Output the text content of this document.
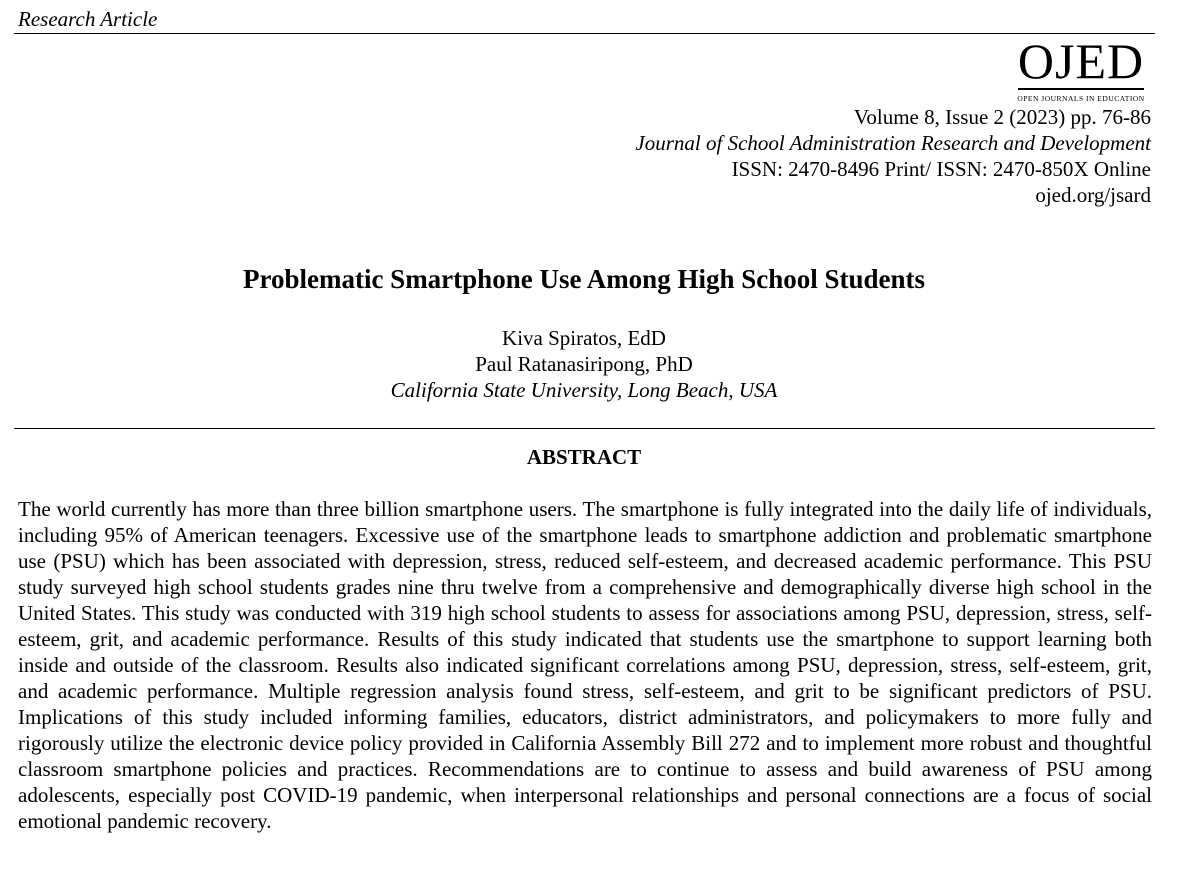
Research Article
OJED
OPEN JOURNALS IN EDUCATION
Volume 8, Issue 2 (2023) pp. 76-86
Journal of School Administration Research and Development
ISSN: 2470-8496 Print/ ISSN: 2470-850X Online
ojed.org/jsard
Problematic Smartphone Use Among High School Students
Kiva Spiratos, EdD
Paul Ratanasiripong, PhD
California State University, Long Beach, USA
ABSTRACT
The world currently has more than three billion smartphone users. The smartphone is fully integrated into the daily life of individuals, including 95% of American teenagers. Excessive use of the smartphone leads to smartphone addiction and problematic smartphone use (PSU) which has been associated with depression, stress, reduced self-esteem, and decreased academic performance. This PSU study surveyed high school students grades nine thru twelve from a comprehensive and demographically diverse high school in the United States. This study was conducted with 319 high school students to assess for associations among PSU, depression, stress, self-esteem, grit, and academic performance. Results of this study indicated that students use the smartphone to support learning both inside and outside of the classroom. Results also indicated significant correlations among PSU, depression, stress, self-esteem, grit, and academic performance. Multiple regression analysis found stress, self-esteem, and grit to be significant predictors of PSU. Implications of this study included informing families, educators, district administrators, and policymakers to more fully and rigorously utilize the electronic device policy provided in California Assembly Bill 272 and to implement more robust and thoughtful classroom smartphone policies and practices. Recommendations are to continue to assess and build awareness of PSU among adolescents, especially post COVID-19 pandemic, when interpersonal relationships and personal connections are a focus of social emotional pandemic recovery.
